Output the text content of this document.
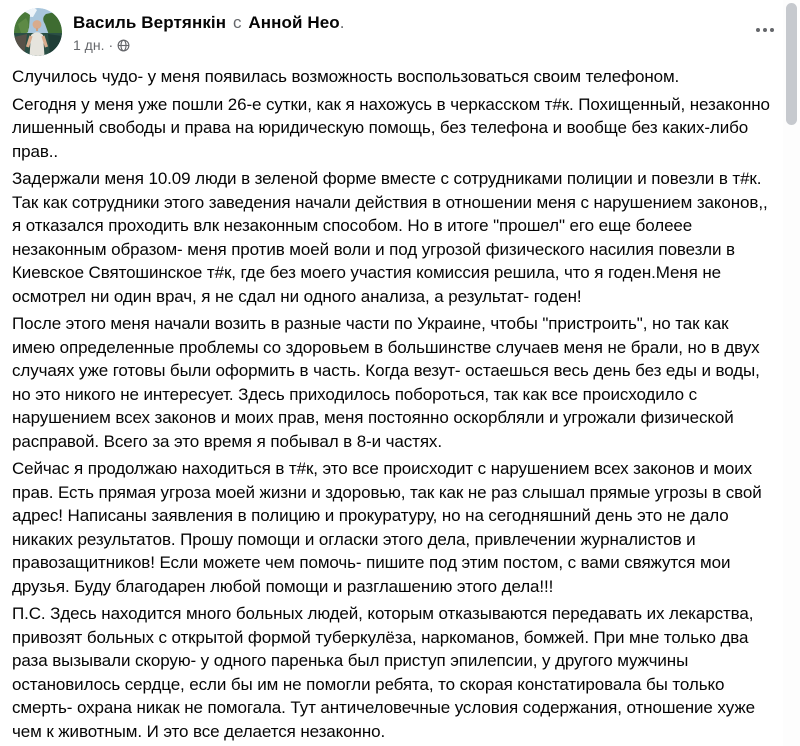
Василь Вертянкін с Анной Нео.
1 дн. ·

Случилось чудо- у меня появилась возможность воспользоваться своим телефоном.

Сегодня у меня уже пошли 26-е сутки, как я нахожусь в черкасском т#к. Похищенный, незаконно лишенный свободы и права на юридическую помощь, без телефона и вообще без каких-либо прав..

Задержали меня 10.09 люди в зеленой форме вместе с сотрудниками полиции и повезли в т#к. Так как сотрудники этого заведения начали действия в отношении меня с нарушением законов,, я отказался проходить влк незаконным способом. Но в итоге "прошел" его еще болеее незаконным образом- меня против моей воли и под угрозой физического насилия повезли в Киевское Святошинское т#к, где без моего участия комиссия решила, что я годен.Меня не осмотрел ни один врач, я не сдал ни одного анализа, а результат- годен!

После этого меня начали возить в разные части по Украине, чтобы "пристроить", но так как имею определенные проблемы со здоровьем в большинстве случаев меня не брали, но в двух случаях уже готовы были оформить в часть. Когда везут- остаешься весь день без еды и воды, но это никого не интересует. Здесь приходилось побороться, так как все происходило с нарушением всех законов и моих прав, меня постоянно оскорбляли и угрожали физической расправой. Всего за это время я побывал в 8-и частях.

Сейчас я продолжаю находиться в т#к, это все происходит с нарушением всех законов и моих прав. Есть прямая угроза моей жизни и здоровью, так как не раз слышал прямые угрозы в свой адрес! Написаны заявления в полицию и прокуратуру, но на сегодняшний день это не дало никаких результатов. Прошу помощи и огласки этого дела, привлечении журналистов и правозащитников! Если можете чем помочь- пишите под этим постом, с вами свяжутся мои друзья. Буду благодарен любой помощи и разглашению этого дела!!!

П.С. Здесь находится много больных людей, которым отказываются передавать их лекарства, привозят больных с открытой формой туберкулёза, наркоманов, бомжей. При мне только два раза вызывали скорую- у одного паренька был приступ эпилепсии, у другого мужчины остановилось сердце, если бы им не помогли ребята, то скорая констатировала бы только смерть- охрана никак не помогала. Тут античеловечные условия содержания, отношение хуже чем к животным. И это все делается незаконно.
